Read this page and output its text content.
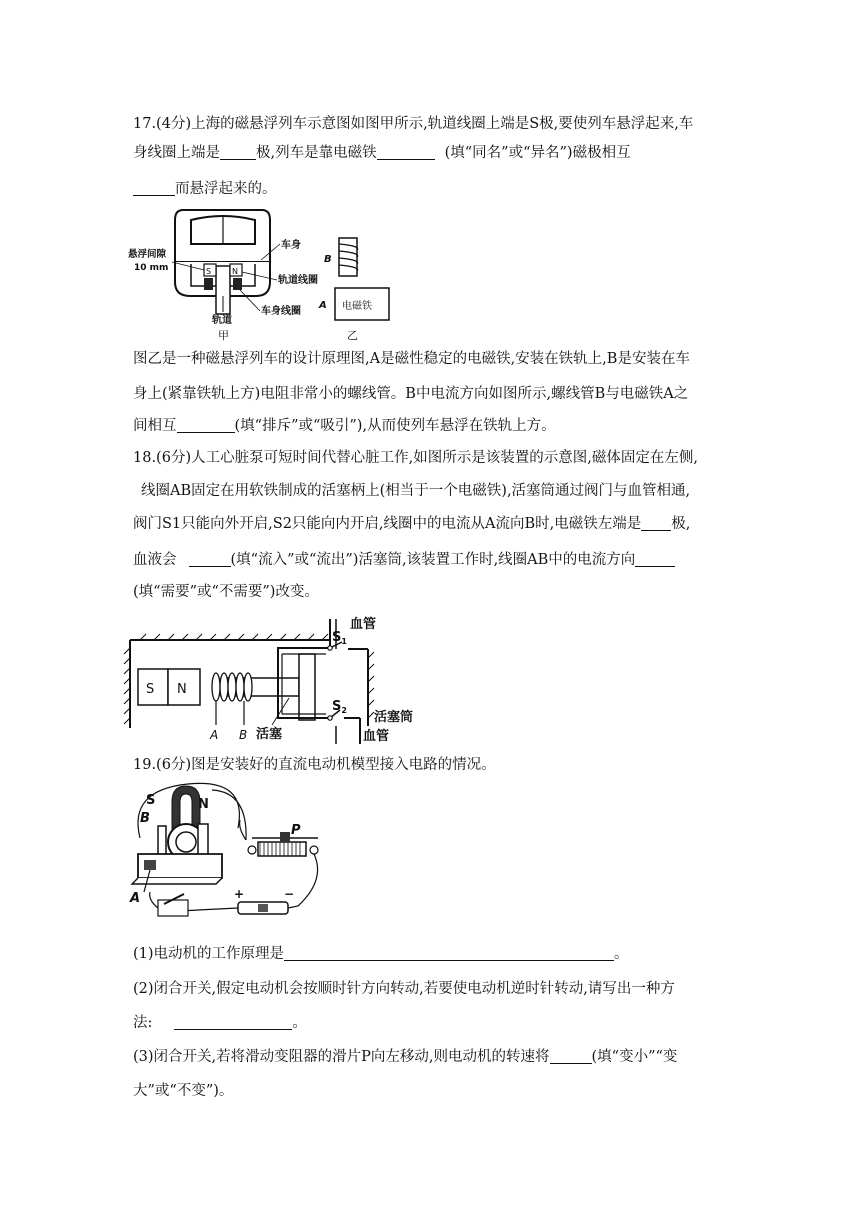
17.(4分)上海的磁悬浮列车示意图如图甲所示,轨道线圈上端是S极,要使列车悬浮起来,车
身线圈上端是 极,列车是靠电磁铁	(填“同名”或“异名”)磁极相互
而悬浮起来的。
S	N
悬浮间隙
10 mm
车身
轨道线圈
车身线圈
轨道
甲
B
电磁铁
A
乙
图乙是一种磁悬浮列车的设计原理图,A是磁性稳定的电磁铁,安装在铁轨上,B是安装在车
身上(紧靠铁轨上方)电阻非常小的螺线管。B中电流方向如图所示,螺线管B与电磁铁A之
间相互	(填“排斥”或“吸引”),从而使列车悬浮在铁轨上方。
18.(6分)人工心脏泵可短时间代替心脏工作,如图所示是该装置的示意图,磁体固定在左侧,
线圈AB固定在用软铁制成的活塞柄上(相当于一个电磁铁),活塞筒通过阀门与血管相通,
阀门S1只能向外开启,S2只能向内开启,线圈中的电流从A流向B时,电磁铁左端是 极,
血液会	(填“流入”或“流出”)活塞筒,该装置工作时,线圈AB中的电流方向
(填“需要”或“不需要”)改变。
S N
A B
$S_1$
$S_2$
血管
活塞筒
血管
活塞
19.(6分)图是安装好的直流电动机模型接入电路的情况。
S	N
B
A
P
+	−
(1)电动机的工作原理是	。
(2)闭合开关,假定电动机会按顺时针方向转动,若要使电动机逆时针转动,请写出一种方
法:	。
(3)闭合开关,若将滑动变阻器的滑片P向左移动,则电动机的转速将	(填“变小”“变
大”或“不变”)。
